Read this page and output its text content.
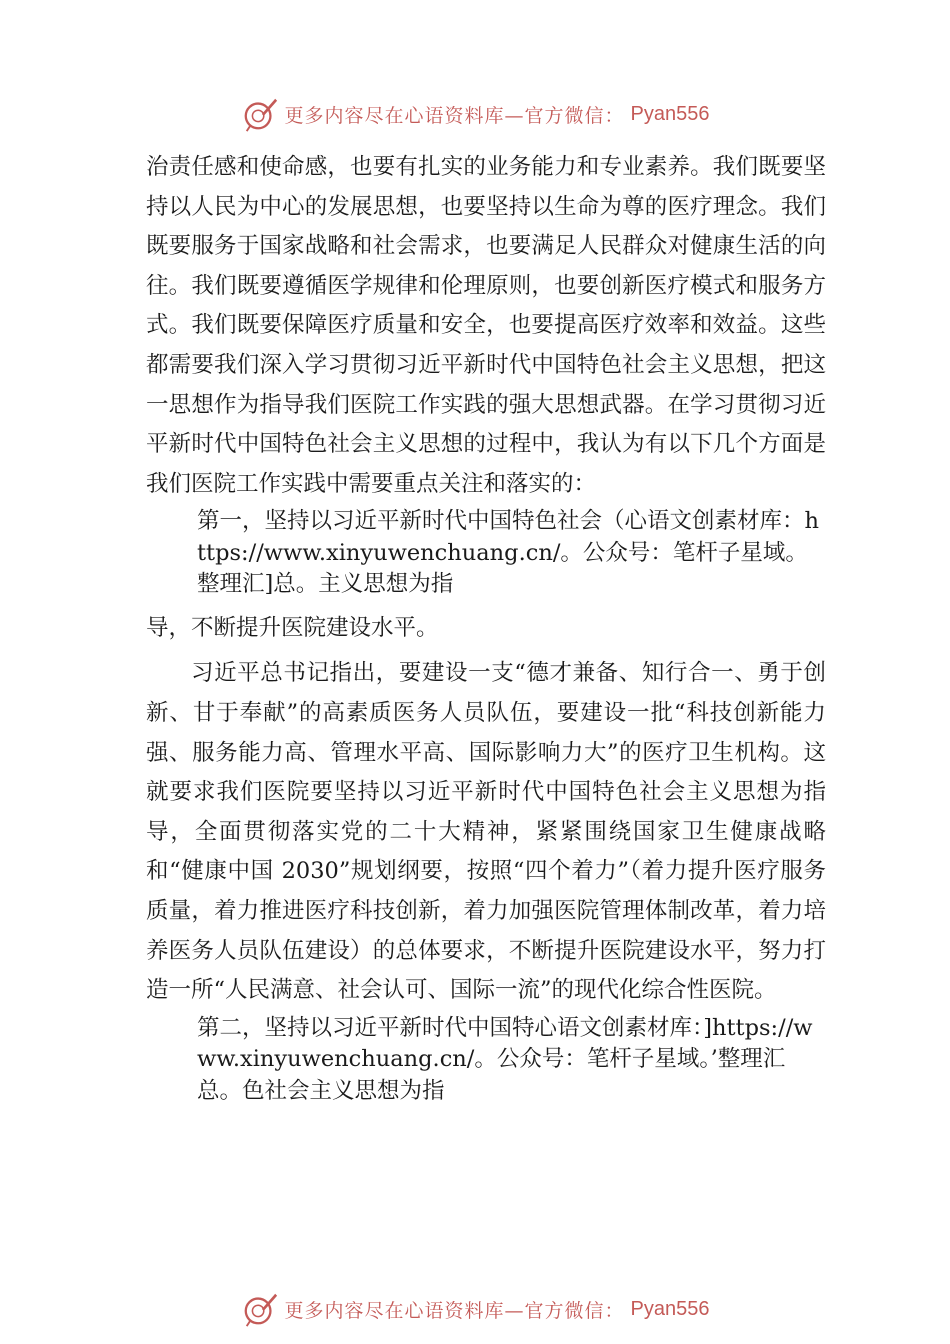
更多内容尽在心语资料库—官方微信： Pyan556

治责任感和使命感，也要有扎实的业务能力和专业素养。我们既要坚持以人民为中心的发展思想，也要坚持以生命为尊的医疗理念。我们既要服务于国家战略和社会需求，也要满足人民群众对健康生活的向往。我们既要遵循医学规律和伦理原则，也要创新医疗模式和服务方式。我们既要保障医疗质量和安全，也要提高医疗效率和效益。这些都需要我们深入学习贯彻习近平新时代中国特色社会主义思想，把这一思想作为指导我们医院工作实践的强大思想武器。在学习贯彻习近平新时代中国特色社会主义思想的过程中，我认为有以下几个方面是我们医院工作实践中需要重点关注和落实的：

第一，坚持以习近平新时代中国特色社会（心语文创素材库：https://www.xinyuwenchuang.cn/。公众号：笔杆子星域。整理汇]总。主义思想为指

导，不断提升医院建设水平。

习近平总书记指出，要建设一支“德才兼备、知行合一、勇于创新、甘于奉献”的高素质医务人员队伍，要建设一批“科技创新能力强、服务能力高、管理水平高、国际影响力大”的医疗卫生机构。这就要求我们医院要坚持以习近平新时代中国特色社会主义思想为指导，全面贯彻落实党的二十大精神，紧紧围绕国家卫生健康战略和“健康中国 2030”规划纲要，按照“四个着力”（着力提升医疗服务质量，着力推进医疗科技创新，着力加强医院管理体制改革，着力培养医务人员队伍建设）的总体要求，不断提升医院建设水平，努力打造一所“人民满意、社会认可、国际一流”的现代化综合性医院。

第二，坚持以习近平新时代中国特心语文创素材库：]https://www.xinyuwenchuang.cn/。公众号：笔杆子星域。’整理汇总。色社会主义思想为指

更多内容尽在心语资料库—官方微信： Pyan556
